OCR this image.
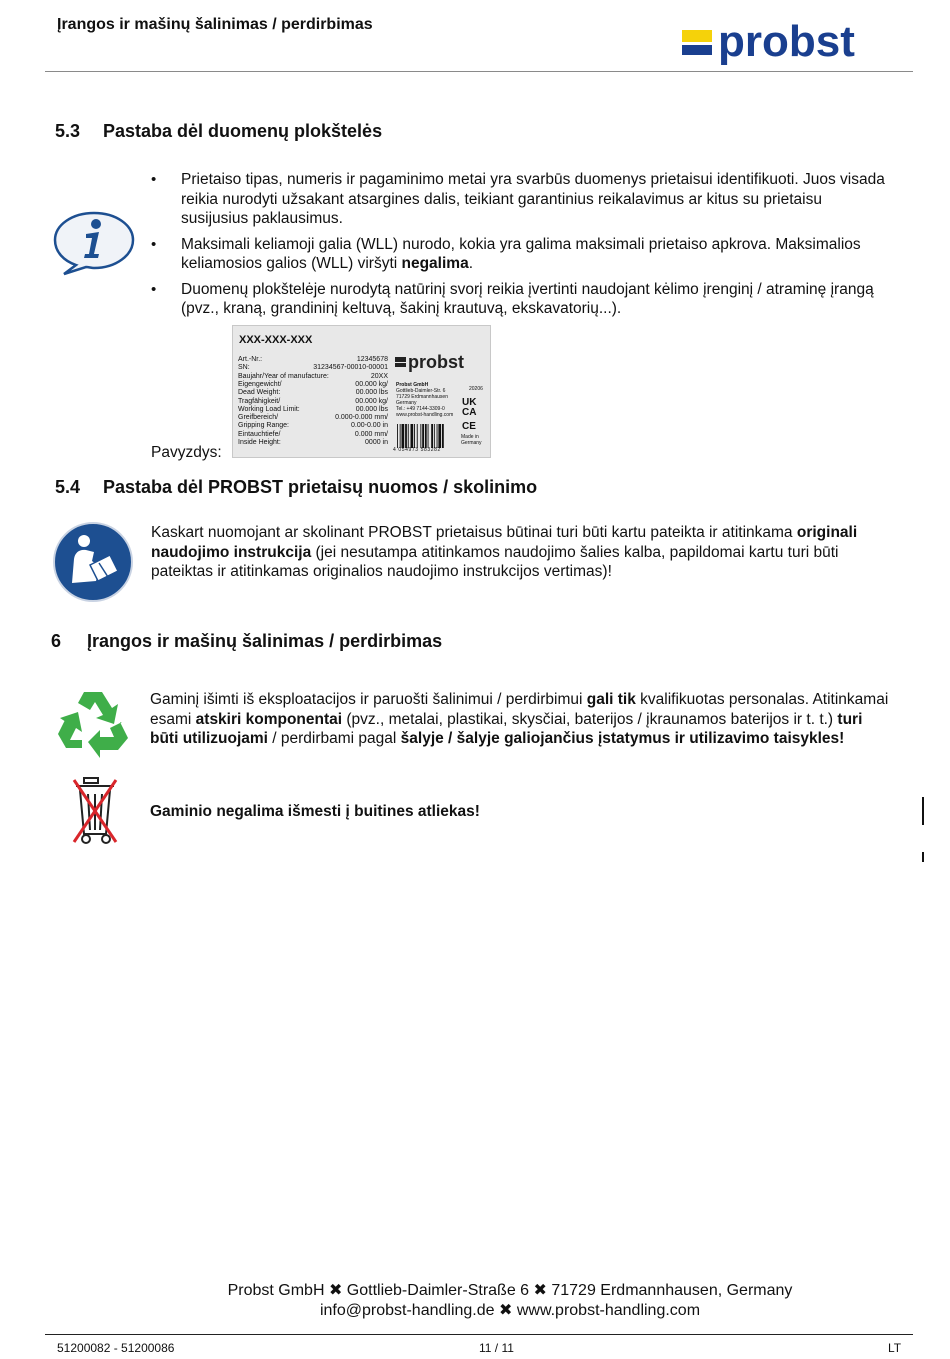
Įrangos ir mašinų šalinimas / perdirbimas	probst
5.3 Pastaba dėl duomenų plokštelės
• Prietaiso tipas, numeris ir pagaminimo metai yra svarbūs duomenys prietaisui identifikuoti. Juos visada reikia nurodyti užsakant atsargines dalis, teikiant garantinius reikalavimus ar kitus su prietaisu susijusius paklausimus.
• Maksimali keliamoji galia (WLL) nurodo, kokia yra galima maksimali prietaiso apkrova. Maksimalios keliamosios galios (WLL) viršyti negalima.
• Duomenų plokštelėje nurodytą natūrinį svorį reikia įvertinti naudojant kėlimo įrenginį / atraminę įrangą (pvz., kraną, grandininį keltuvą, šakinį krautuvą, ekskavatorių...).
Pavyzdys:
XXX-XXX-XXX
Art.-Nr.:	12345678
SN:	31234567-00010-00001
Baujahr/Year of manufacture:	20XX
Eigengewicht/	00.000 kg/
Dead Weight:	00.000 lbs
Tragfähigkeit/	00.000 kg/
Working Load Limit:	00.000 lbs
Greifbereich/	0.000-0.000 mm/
Gripping Range:	0.00-0.00 in
Eintauchtiefe/	0.000 mm/
Inside Height:	0000 in
probst
Probst GmbH
Gottlieb-Daimler-Str. 6
71729 Erdmannhausen
Germany
Tel.: +49 7144-3309-0
www.probst-handling.com
20206
UK
CA
CE
Made in Germany
4 054973 583282
5.4 Pastaba dėl PROBST prietaisų nuomos / skolinimo
Kaskart nuomojant ar skolinant PROBST prietaisus būtinai turi būti kartu pateikta ir atitinkama originali naudojimo instrukcija (jei nesutampa atitinkamos naudojimo šalies kalba, papildomai kartu turi būti pateiktas ir atitinkamas originalios naudojimo instrukcijos vertimas)!
6 Įrangos ir mašinų šalinimas / perdirbimas
Gaminį išimti iš eksploatacijos ir paruošti šalinimui / perdirbimui gali tik kvalifikuotas personalas. Atitinkamai esami atskiri komponentai (pvz., metalai, plastikai, skysčiai, baterijos / įkraunamos baterijos ir t. t.) turi būti utilizuojami / perdirbami pagal šalyje / šalyje galiojančius įstatymus ir utilizavimo taisykles!
Gaminio negalima išmesti į buitines atliekas!
Probst GmbH ✖ Gottlieb-Daimler-Straße 6 ✖ 71729 Erdmannhausen, Germany
info@probst-handling.de ✖ www.probst-handling.com
51200082 - 51200086	11 / 11	LT
